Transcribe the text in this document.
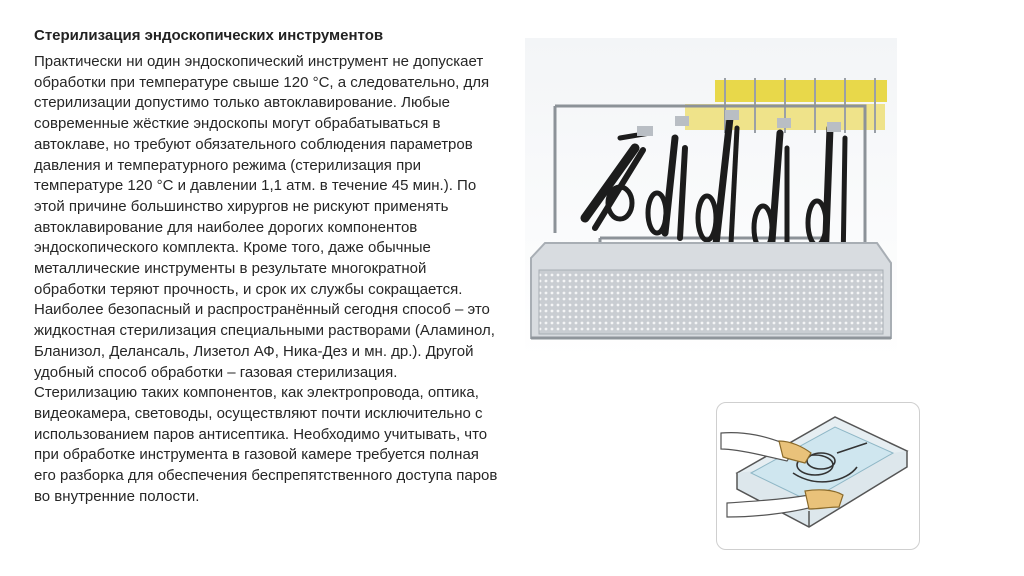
Стерилизация эндоскопических инструментов
Практически ни один эндоскопический инструмент не допускает обработки при температуре свыше 120 °С, а следовательно, для стерилизации допустимо только автоклавирование. Любые современные жёсткие эндоскопы могут обрабатываться в автоклаве, но требуют обязательного соблюдения параметров давления и температурного режима (стерилизация при температуре 120 °С и давлении 1,1 атм. в течение 45 мин.). По этой причине большинство хирургов не рискуют применять автоклавирование для наиболее дорогих компонентов эндоскопического комплекта. Кроме того, даже обычные металлические инструменты в результате многократной обработки теряют прочность, и срок их службы сокращается. Наиболее безопасный и распространённый сегодня способ – это жидкостная стерилизация специальными растворами (Аламинол, Бланизол, Делансаль, Лизетол АФ, Ника-Дез и мн. др.). Другой удобный способ обработки – газовая стерилизация. Стерилизацию таких компонентов, как электропровода, оптика, видеокамера, световоды, осуществляют почти исключительно с использованием паров антисептика. Необходимо учитывать, что при обработке инструмента в газовой камере требуется полная его разборка для обеспечения беспрепятственного доступа паров во внутренние полости.
